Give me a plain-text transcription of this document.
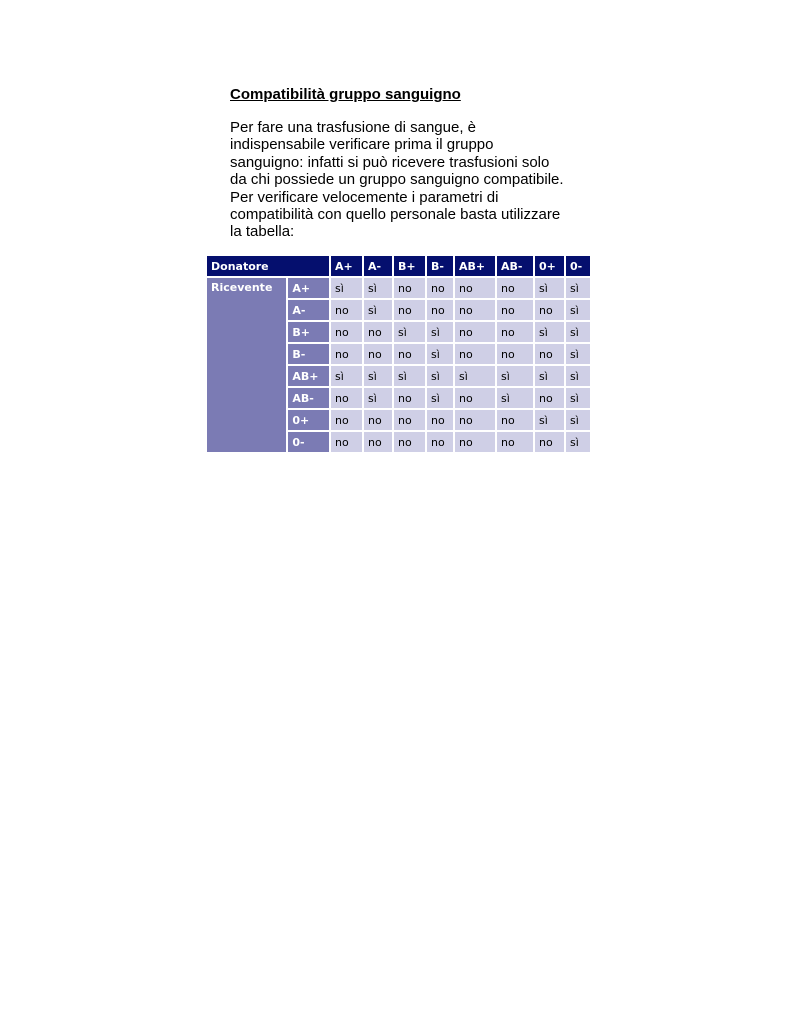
Compatibilità gruppo sanguigno

Per fare una trasfusione di sangue, è indispensabile verificare prima il gruppo sanguigno: infatti si può ricevere trasfusioni solo da chi possiede un gruppo sanguigno compatibile. Per verificare velocemente i parametri di compatibilità con quello personale basta utilizzare la tabella:

Donatore		A+	A-	B+	B-	AB+	AB-	0+	0-
Ricevente	A+	sì	sì	no	no	no	no	sì	sì
	A-	no	sì	no	no	no	no	no	sì
	B+	no	no	sì	sì	no	no	sì	sì
	B-	no	no	no	sì	no	no	no	sì
	AB+	sì	sì	sì	sì	sì	sì	sì	sì
	AB-	no	sì	no	sì	no	sì	no	sì
	0+	no	no	no	no	no	no	sì	sì
	0-	no	no	no	no	no	no	no	sì
